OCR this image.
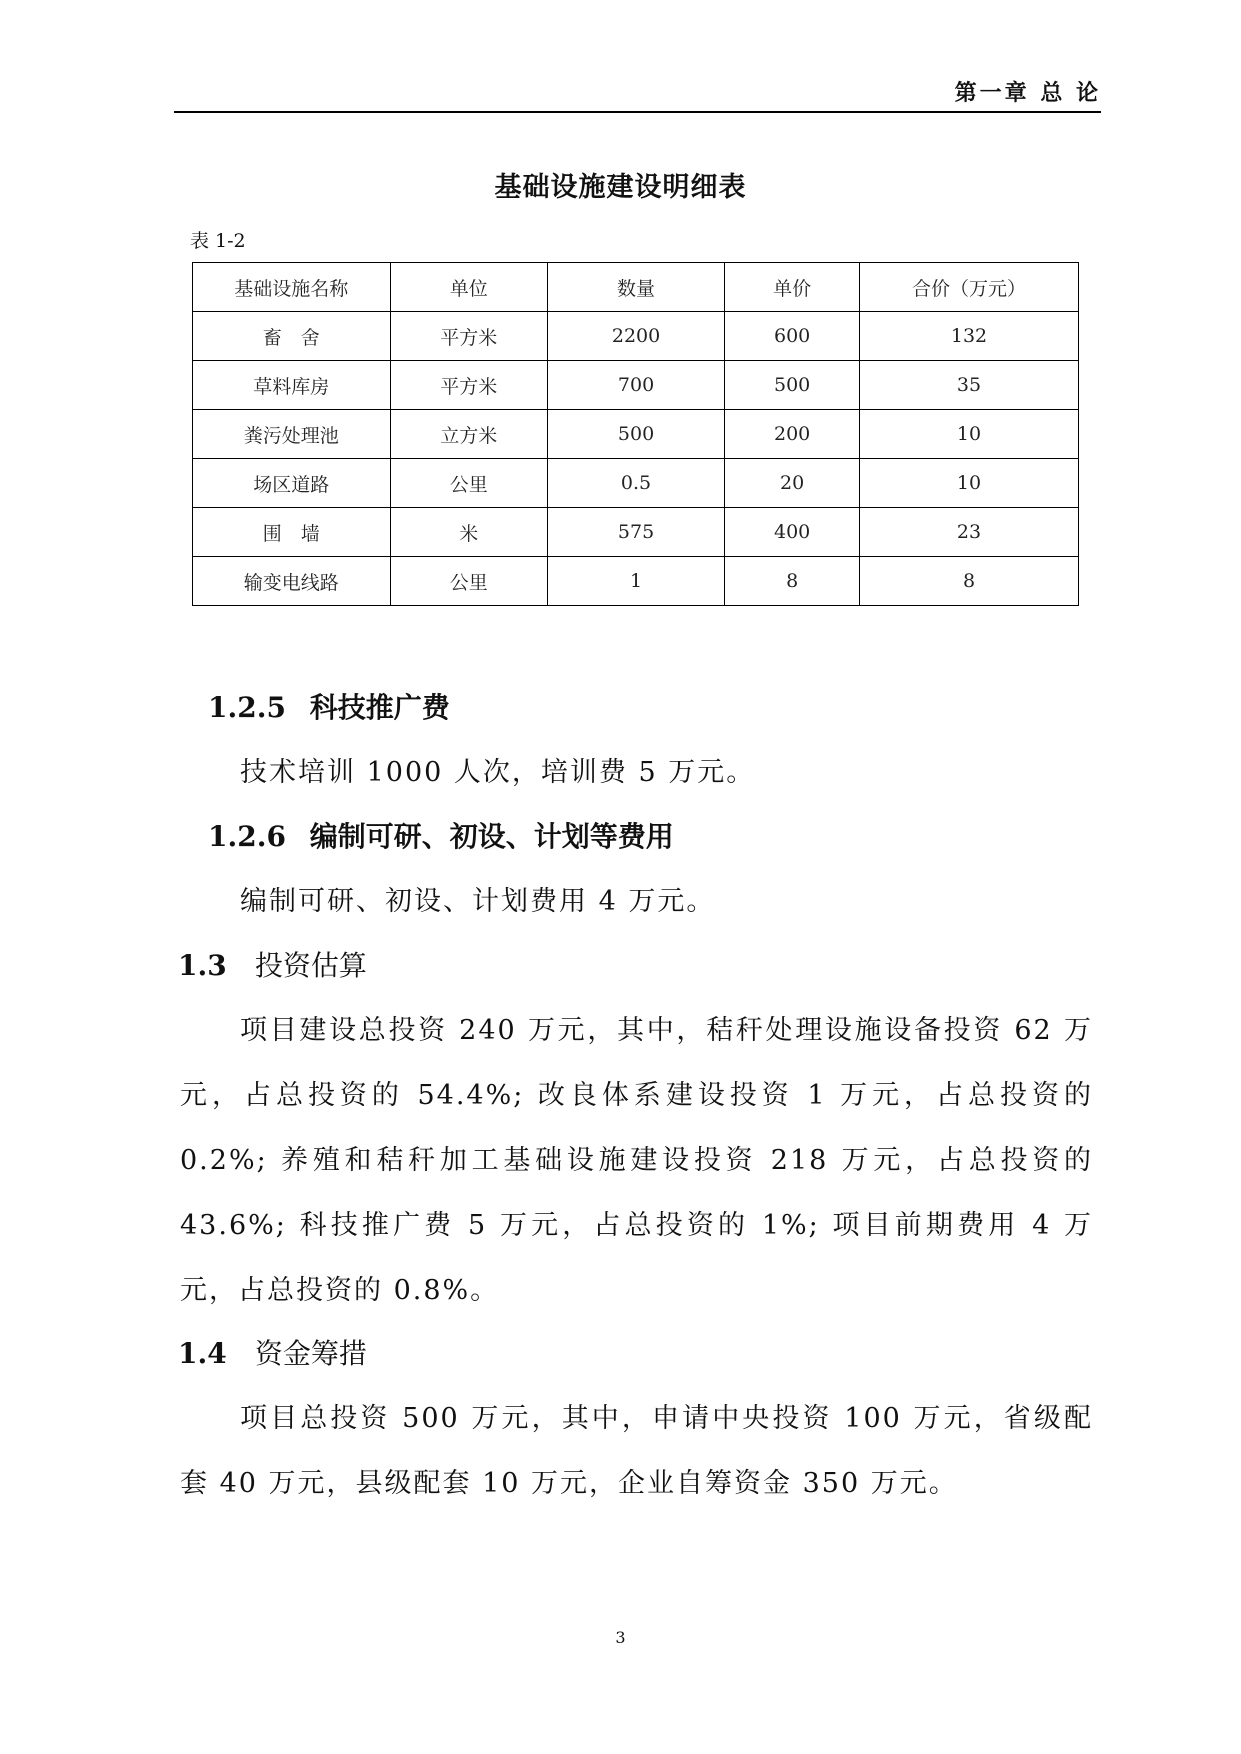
第一章 总 论
基础设施建设明细表
表 1-2
基础设施名称	单位	数量	单价	合价（万元）
畜　舍	平方米	2200	600	132
草料库房	平方米	700	500	35
粪污处理池	立方米	500	200	10
场区道路	公里	0.5	20	10
围　墙	米	575	400	23
输变电线路	公里	1	8	8
1.2.5 科技推广费
技术培训 1000 人次，培训费 5 万元。
1.2.6 编制可研、初设、计划等费用
编制可研、初设、计划费用 4 万元。
1.3 投资估算
项目建设总投资 240 万元，其中，秸秆处理设施设备投资 62 万元，占总投资的 54.4%; 改良体系建设投资 1 万元，占总投资的 0.2%; 养殖和秸秆加工基础设施建设投资 218 万元，占总投资的 43.6%; 科技推广费 5 万元，占总投资的 1%; 项目前期费用 4 万元，占总投资的 0.8%。
1.4 资金筹措
项目总投资 500 万元，其中，申请中央投资 100 万元，省级配套 40 万元，县级配套 10 万元，企业自筹资金 350 万元。
3
